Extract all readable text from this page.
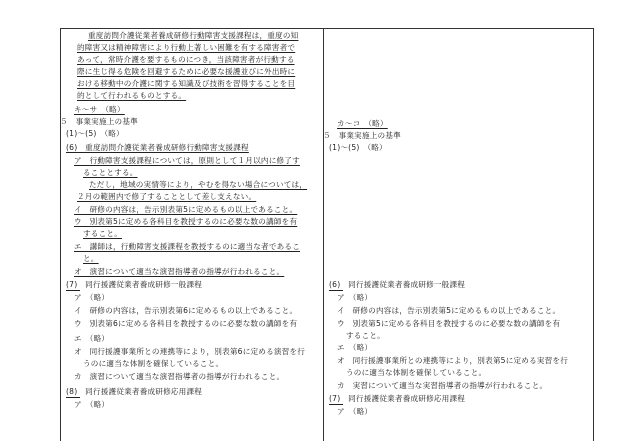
重度訪問介護従業者養成研修行動障害支援課程は，重度の知
的障害又は精神障害により行動上著しい困難を有する障害者で
あって，常時介護を要するものにつき，当該障害者が行動する
際に生じ得る危険を回避するために必要な援護並びに外出時に
おける移動中の介護に関する知識及び技術を習得することを目
的として行われるものとする。
キ～サ　（略）
５　事業実施上の基準
(1)～(5)　（略）
(6)　重度訪問介護従業者養成研修行動障害支援課程
ア　行動障害支援課程については，原則として１月以内に修了す
ることとする。
ただし，地域の実情等により，やむを得ない場合については，
２月の範囲内で修了することとして差し支えない。
イ　研修の内容は，告示別表第5に定めるもの以上であること。
ウ　別表第5に定める各科目を教授するのに必要な数の講師を有
すること。
エ　講師は，行動障害支援課程を教授するのに適当な者であるこ
と。
オ　演習について適当な演習指導者の指導が行われること。
(7)　同行援護従業者養成研修一般課程
ア　（略）
イ　研修の内容は，告示別表第6に定めるもの以上であること。
ウ　別表第6に定める各科目を教授するのに必要な数の講師を有
エ　（略）
オ　同行援護事業所との連携等により，別表第6に定める演習を行
うのに適当な体制を確保していること。
カ　演習について適当な演習指導者の指導が行われること。
(8)　同行援護従業者養成研修応用課程
ア　（略）
カ～コ　（略）
５　事業実施上の基準
(1)～(5)　（略）
(6)　同行援護従業者養成研修一般課程
ア　（略）
イ　研修の内容は，告示別表第5に定めるもの以上であること。
ウ　別表第5に定める各科目を教授するのに必要な数の講師を有
すること。
エ　（略）
オ　同行援護事業所との連携等により，別表第5に定める実習を行
うのに適当な体制を確保していること。
カ　実習について適当な実習指導者の指導が行われること。
(7)　同行援護従業者養成研修応用課程
ア　（略）
